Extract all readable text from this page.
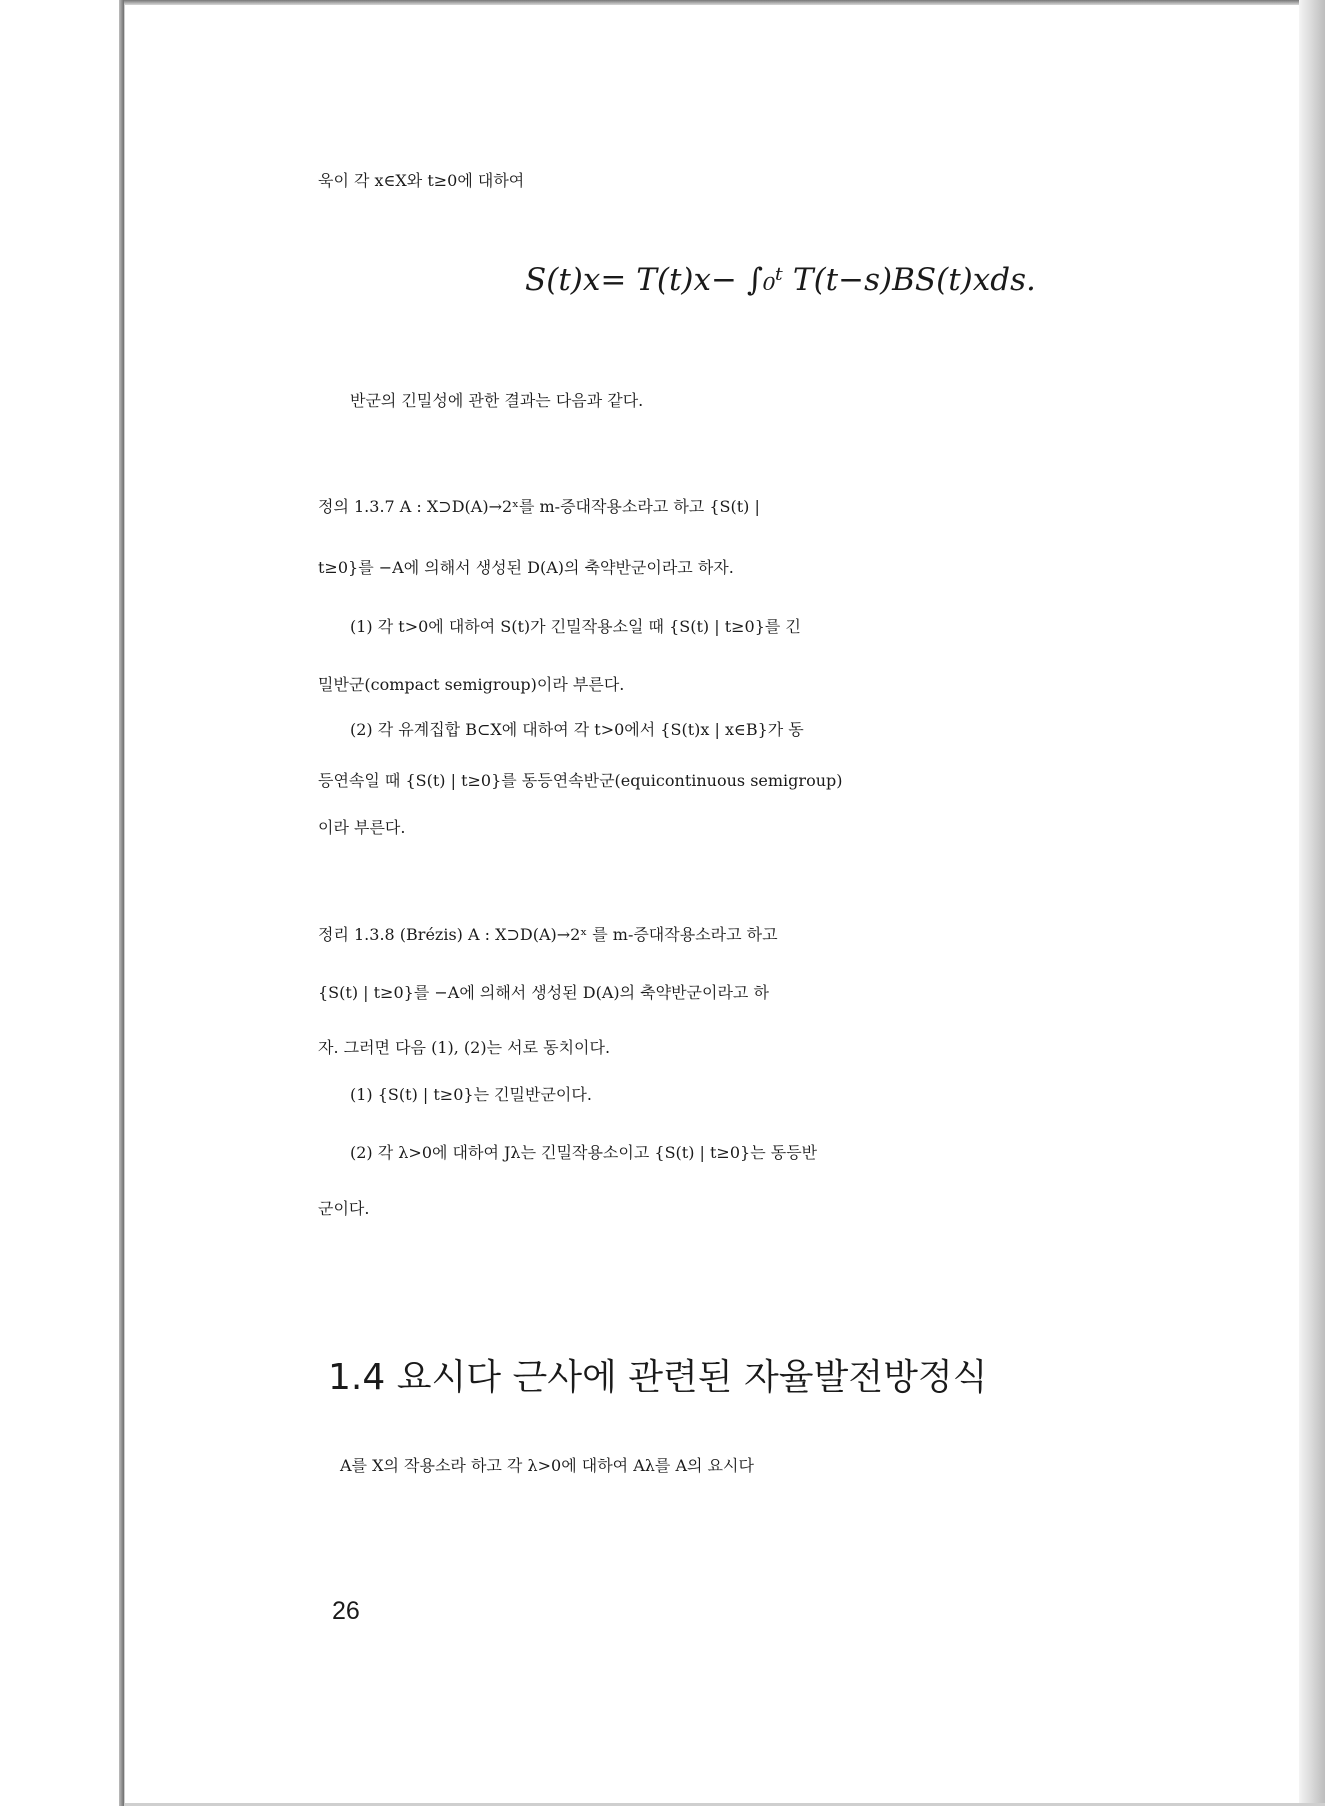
욱이 각 x∈X와 t≥0에 대하여
S(t)x= T(t)x− ∫₀ᵗ T(t−s)BS(t)xds.
반군의 긴밀성에 관한 결과는 다음과 같다.
정의 1.3.7 A : X⊃D(A)→2ˣ를 m-증대작용소라고 하고 {S(t) |
t≥0}를 −A에 의해서 생성된 D(A)의 축약반군이라고 하자.
(1) 각 t>0에 대하여 S(t)가 긴밀작용소일 때 {S(t) | t≥0}를 긴
밀반군(compact semigroup)이라 부른다.
(2) 각 유계집합 B⊂X에 대하여 각 t>0에서 {S(t)x | x∈B}가 동
등연속일 때 {S(t) | t≥0}를 동등연속반군(equicontinuous semigroup)
이라 부른다.
정리 1.3.8 (Brézis) A : X⊃D(A)→2ˣ 를 m-증대작용소라고 하고
{S(t) | t≥0}를 −A에 의해서 생성된 D(A)의 축약반군이라고 하
자. 그러면 다음 (1), (2)는 서로 동치이다.
(1) {S(t) | t≥0}는 긴밀반군이다.
(2) 각 λ>0에 대하여 Jλ는 긴밀작용소이고 {S(t) | t≥0}는 동등반
군이다.
1.4 요시다 근사에 관련된 자율발전방정식
A를 X의 작용소라 하고 각 λ>0에 대하여 Aλ를 A의 요시다
26
